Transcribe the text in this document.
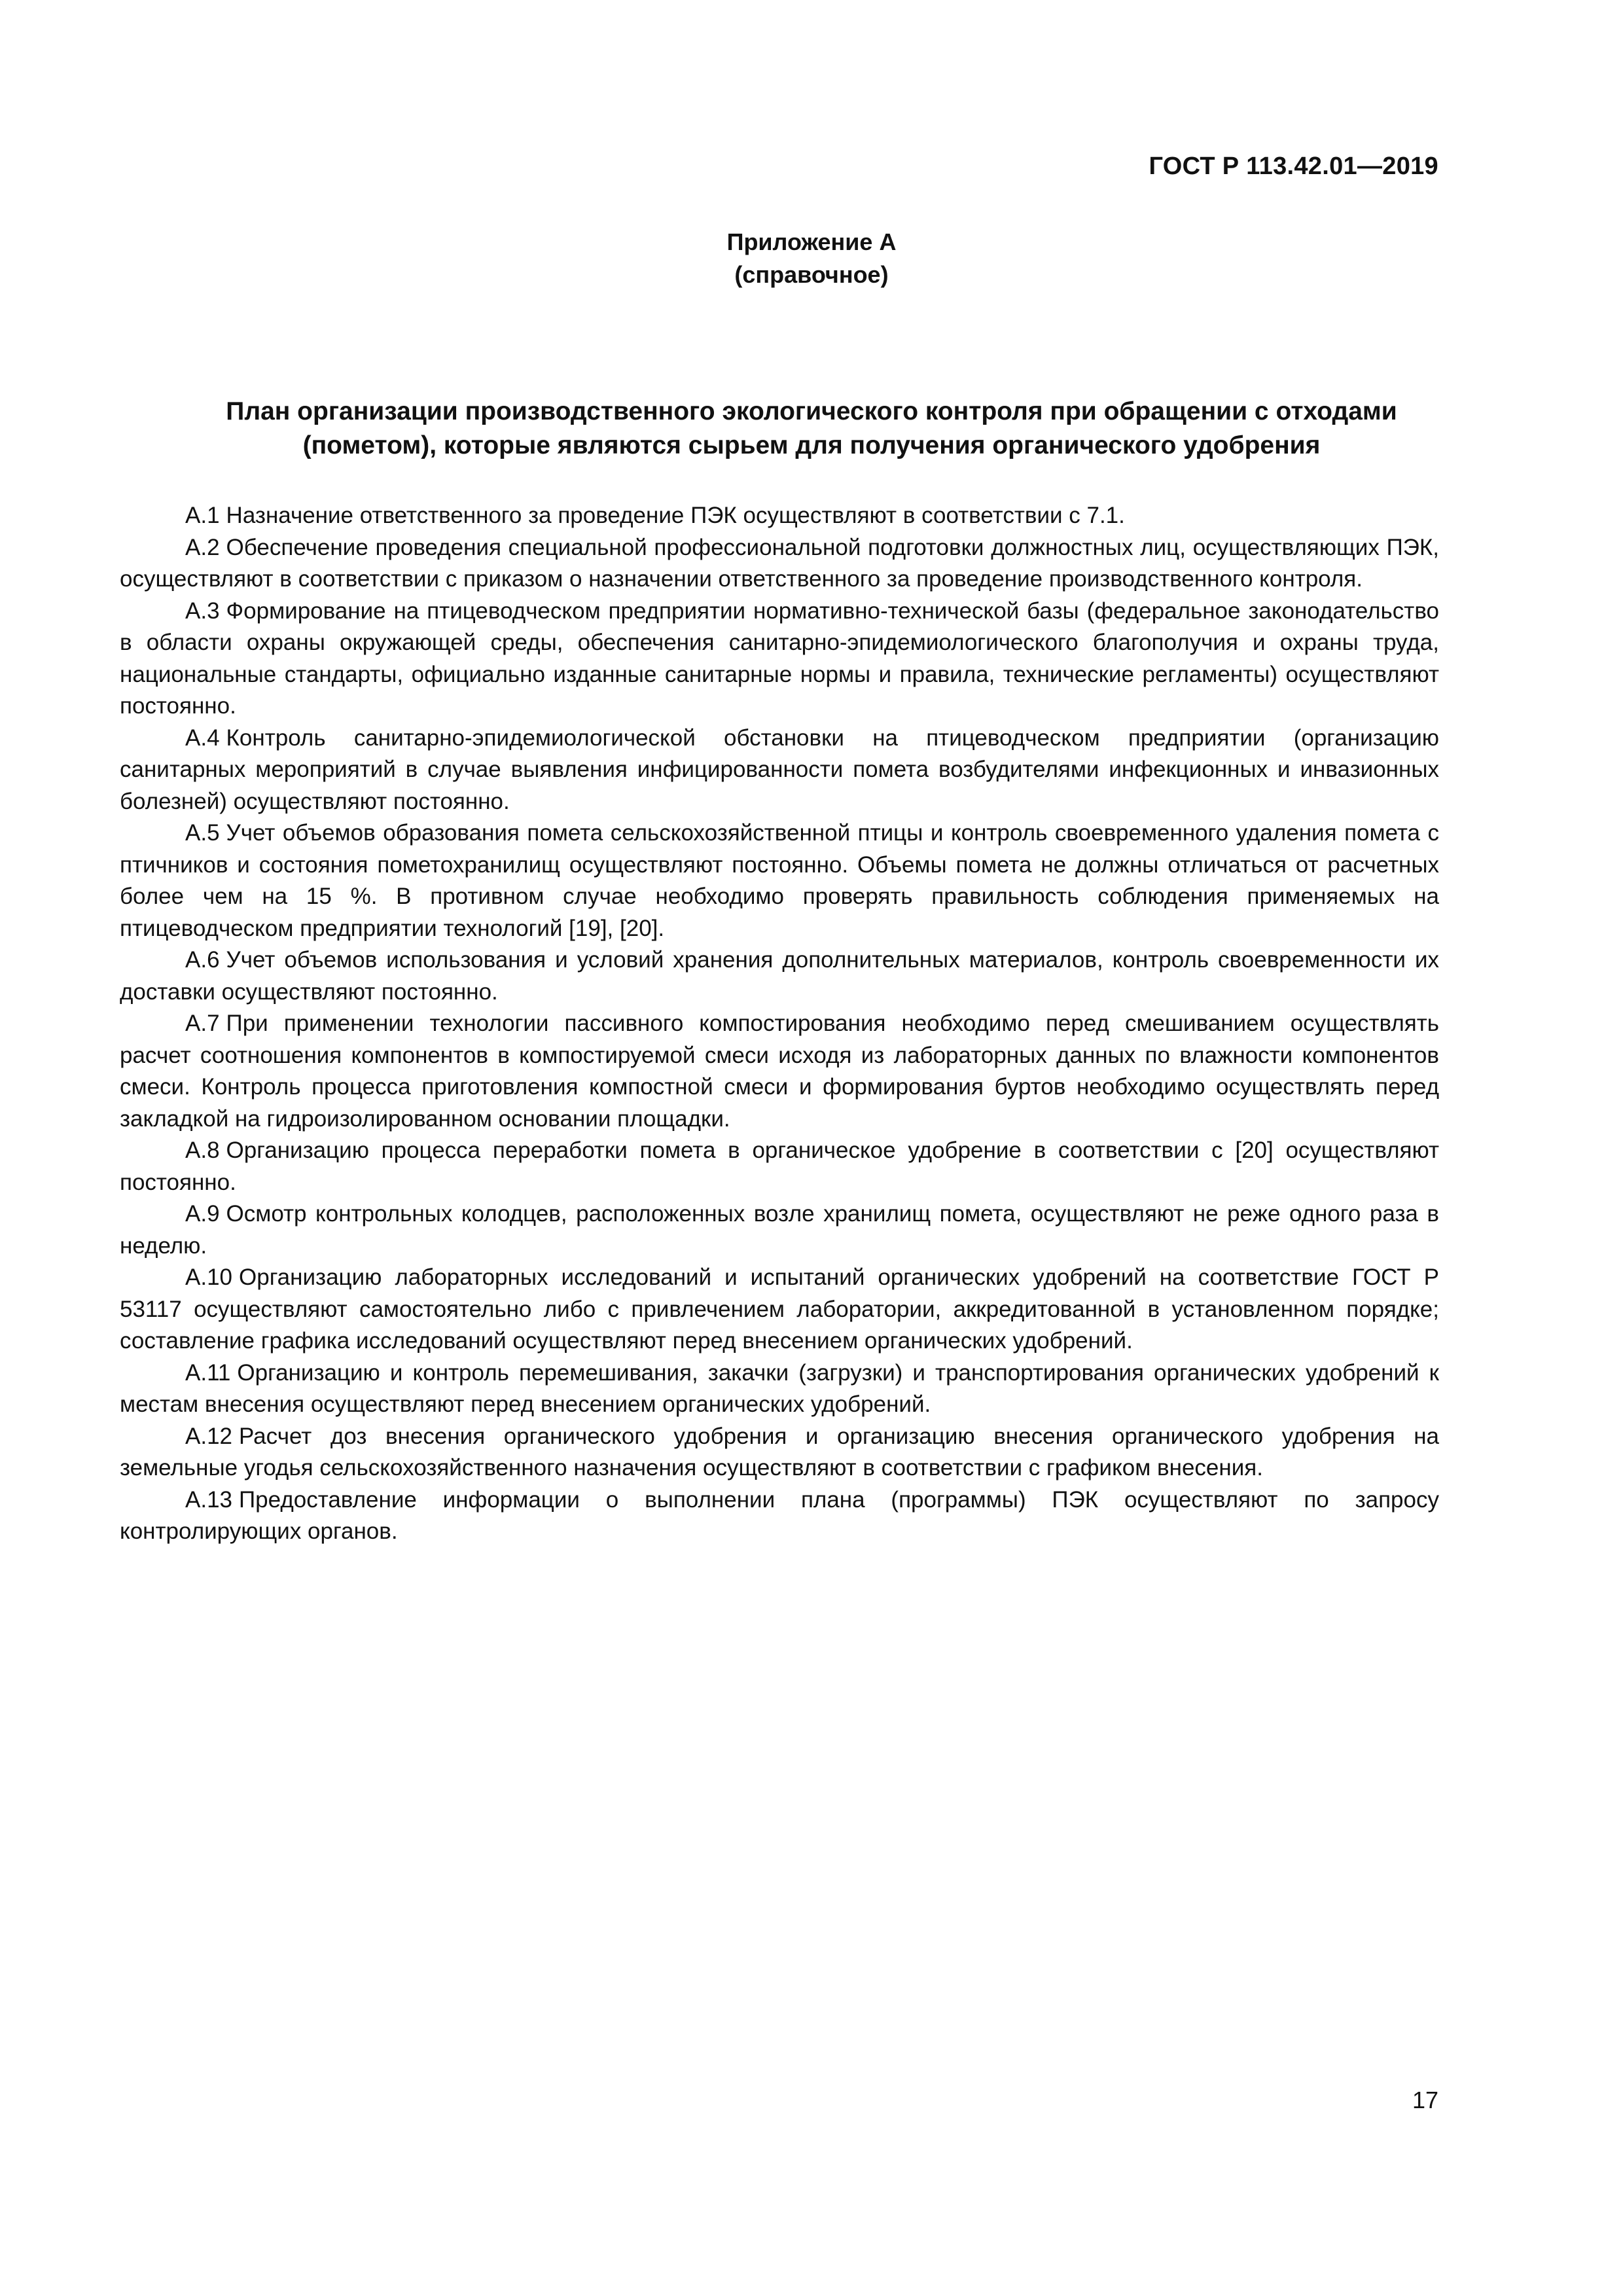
ГОСТ Р 113.42.01—2019
Приложение А
(справочное)
План организации производственного экологического контроля при обращении с отходами
(пометом), которые являются сырьем для получения органического удобрения

А.1 Назначение ответственного за проведение ПЭК осуществляют в соответствии с 7.1.

А.2 Обеспечение проведения специальной профессиональной подготовки должностных лиц, осуществляющих ПЭК, осуществляют в соответствии с приказом о назначении ответственного за проведение производственного контроля.

А.3 Формирование на птицеводческом предприятии нормативно-технической базы (федеральное законодательство в области охраны окружающей среды, обеспечения санитарно-эпидемиологического благополучия и охраны труда, национальные стандарты, официально изданные санитарные нормы и правила, технические регламенты) осуществляют постоянно.

А.4 Контроль санитарно-эпидемиологической обстановки на птицеводческом предприятии (организацию санитарных мероприятий в случае выявления инфицированности помета возбудителями инфекционных и инвазионных болезней) осуществляют постоянно.

А.5 Учет объемов образования помета сельскохозяйственной птицы и контроль своевременного удаления помета с птичников и состояния пометохранилищ осуществляют постоянно. Объемы помета не должны отличаться от расчетных более чем на 15 %. В противном случае необходимо проверять правильность соблюдения применяемых на птицеводческом предприятии технологий [19], [20].

А.6 Учет объемов использования и условий хранения дополнительных материалов, контроль своевременности их доставки осуществляют постоянно.

А.7 При применении технологии пассивного компостирования необходимо перед смешиванием осуществлять расчет соотношения компонентов в компостируемой смеси исходя из лабораторных данных по влажности компонентов смеси. Контроль процесса приготовления компостной смеси и формирования буртов необходимо осуществлять перед закладкой на гидроизолированном основании площадки.

А.8 Организацию процесса переработки помета в органическое удобрение в соответствии с [20] осуществляют постоянно.

А.9 Осмотр контрольных колодцев, расположенных возле хранилищ помета, осуществляют не реже одного раза в неделю.

А.10 Организацию лабораторных исследований и испытаний органических удобрений на соответствие ГОСТ Р 53117 осуществляют самостоятельно либо с привлечением лаборатории, аккредитованной в установленном порядке; составление графика исследований осуществляют перед внесением органических удобрений.

А.11 Организацию и контроль перемешивания, закачки (загрузки) и транспортирования органических удобрений к местам внесения осуществляют перед внесением органических удобрений.

А.12 Расчет доз внесения органического удобрения и организацию внесения органического удобрения на земельные угодья сельскохозяйственного назначения осуществляют в соответствии с графиком внесения.

А.13 Предоставление информации о выполнении плана (программы) ПЭК осуществляют по запросу контролирующих органов.

17
